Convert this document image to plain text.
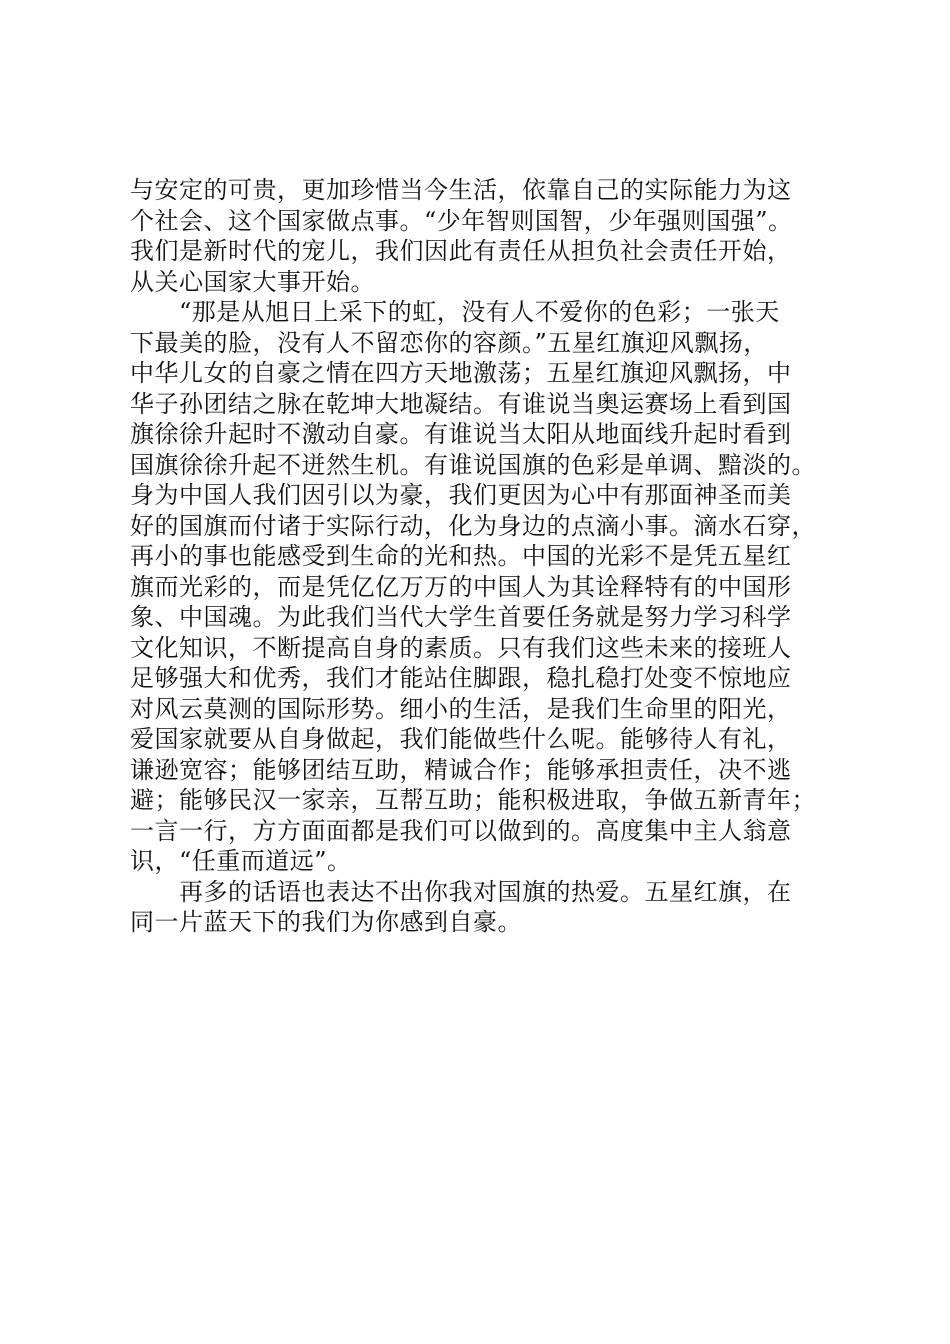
与安定的可贵，更加珍惜当今生活，依靠自己的实际能力为这
个社会、这个国家做点事。“少年智则国智，少年强则国强”。
我们是新时代的宠儿，我们因此有责任从担负社会责任开始，
从关心国家大事开始。
　　“那是从旭日上采下的虹，没有人不爱你的色彩；一张天
下最美的脸，没有人不留恋你的容颜。”五星红旗迎风飘扬，
中华儿女的自豪之情在四方天地激荡；五星红旗迎风飘扬，中
华子孙团结之脉在乾坤大地凝结。有谁说当奥运赛场上看到国
旗徐徐升起时不激动自豪。有谁说当太阳从地面线升起时看到
国旗徐徐升起不迸然生机。有谁说国旗的色彩是单调、黯淡的。
身为中国人我们因引以为豪，我们更因为心中有那面神圣而美
好的国旗而付诸于实际行动，化为身边的点滴小事。滴水石穿，
再小的事也能感受到生命的光和热。中国的光彩不是凭五星红
旗而光彩的，而是凭亿亿万万的中国人为其诠释特有的中国形
象、中国魂。为此我们当代大学生首要任务就是努力学习科学
文化知识，不断提高自身的素质。只有我们这些未来的接班人
足够强大和优秀，我们才能站住脚跟，稳扎稳打处变不惊地应
对风云莫测的国际形势。细小的生活，是我们生命里的阳光，
爱国家就要从自身做起，我们能做些什么呢。能够待人有礼，
谦逊宽容；能够团结互助，精诚合作；能够承担责任，决不逃
避；能够民汉一家亲，互帮互助；能积极进取，争做五新青年；
一言一行，方方面面都是我们可以做到的。高度集中主人翁意
识，“任重而道远”。
　　再多的话语也表达不出你我对国旗的热爱。五星红旗，在
同一片蓝天下的我们为你感到自豪。
